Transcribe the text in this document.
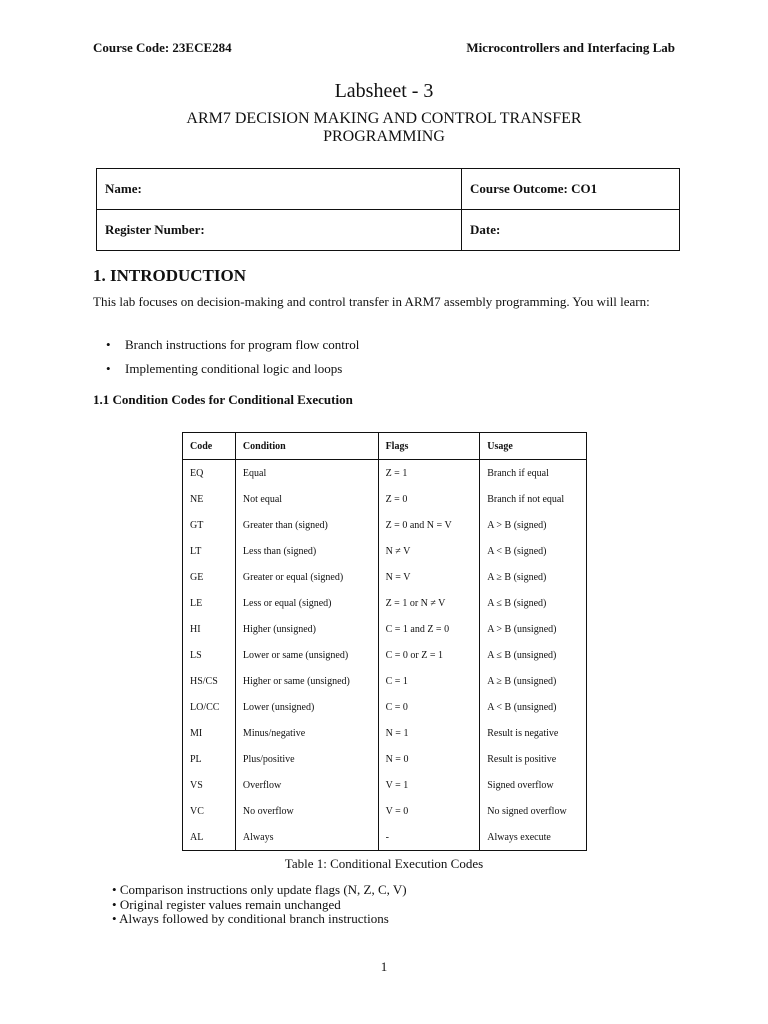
Course Code: 23ECE284	Microcontrollers and Interfacing Lab
Labsheet - 3
ARM7 DECISION MAKING AND CONTROL TRANSFER PROGRAMMING
Name:	Course Outcome: CO1
Register Number:	Date:
1. INTRODUCTION
This lab focuses on decision-making and control transfer in ARM7 assembly programming. You will learn:
• Branch instructions for program flow control
• Implementing conditional logic and loops
1.1 Condition Codes for Conditional Execution
Code	Condition	Flags	Usage
EQ	Equal	Z = 1	Branch if equal
NE	Not equal	Z = 0	Branch if not equal
GT	Greater than (signed)	Z = 0 and N = V	A > B (signed)
LT	Less than (signed)	N ≠ V	A < B (signed)
GE	Greater or equal (signed)	N = V	A ≥ B (signed)
LE	Less or equal (signed)	Z = 1 or N ≠ V	A ≤ B (signed)
HI	Higher (unsigned)	C = 1 and Z = 0	A > B (unsigned)
LS	Lower or same (unsigned)	C = 0 or Z = 1	A ≤ B (unsigned)
HS/CS	Higher or same (unsigned)	C = 1	A ≥ B (unsigned)
LO/CC	Lower (unsigned)	C = 0	A < B (unsigned)
MI	Minus/negative	N = 1	Result is negative
PL	Plus/positive	N = 0	Result is positive
VS	Overflow	V = 1	Signed overflow
VC	No overflow	V = 0	No signed overflow
AL	Always	-	Always execute
Table 1: Conditional Execution Codes
• Comparison instructions only update flags (N, Z, C, V)
• Original register values remain unchanged
• Always followed by conditional branch instructions
1
